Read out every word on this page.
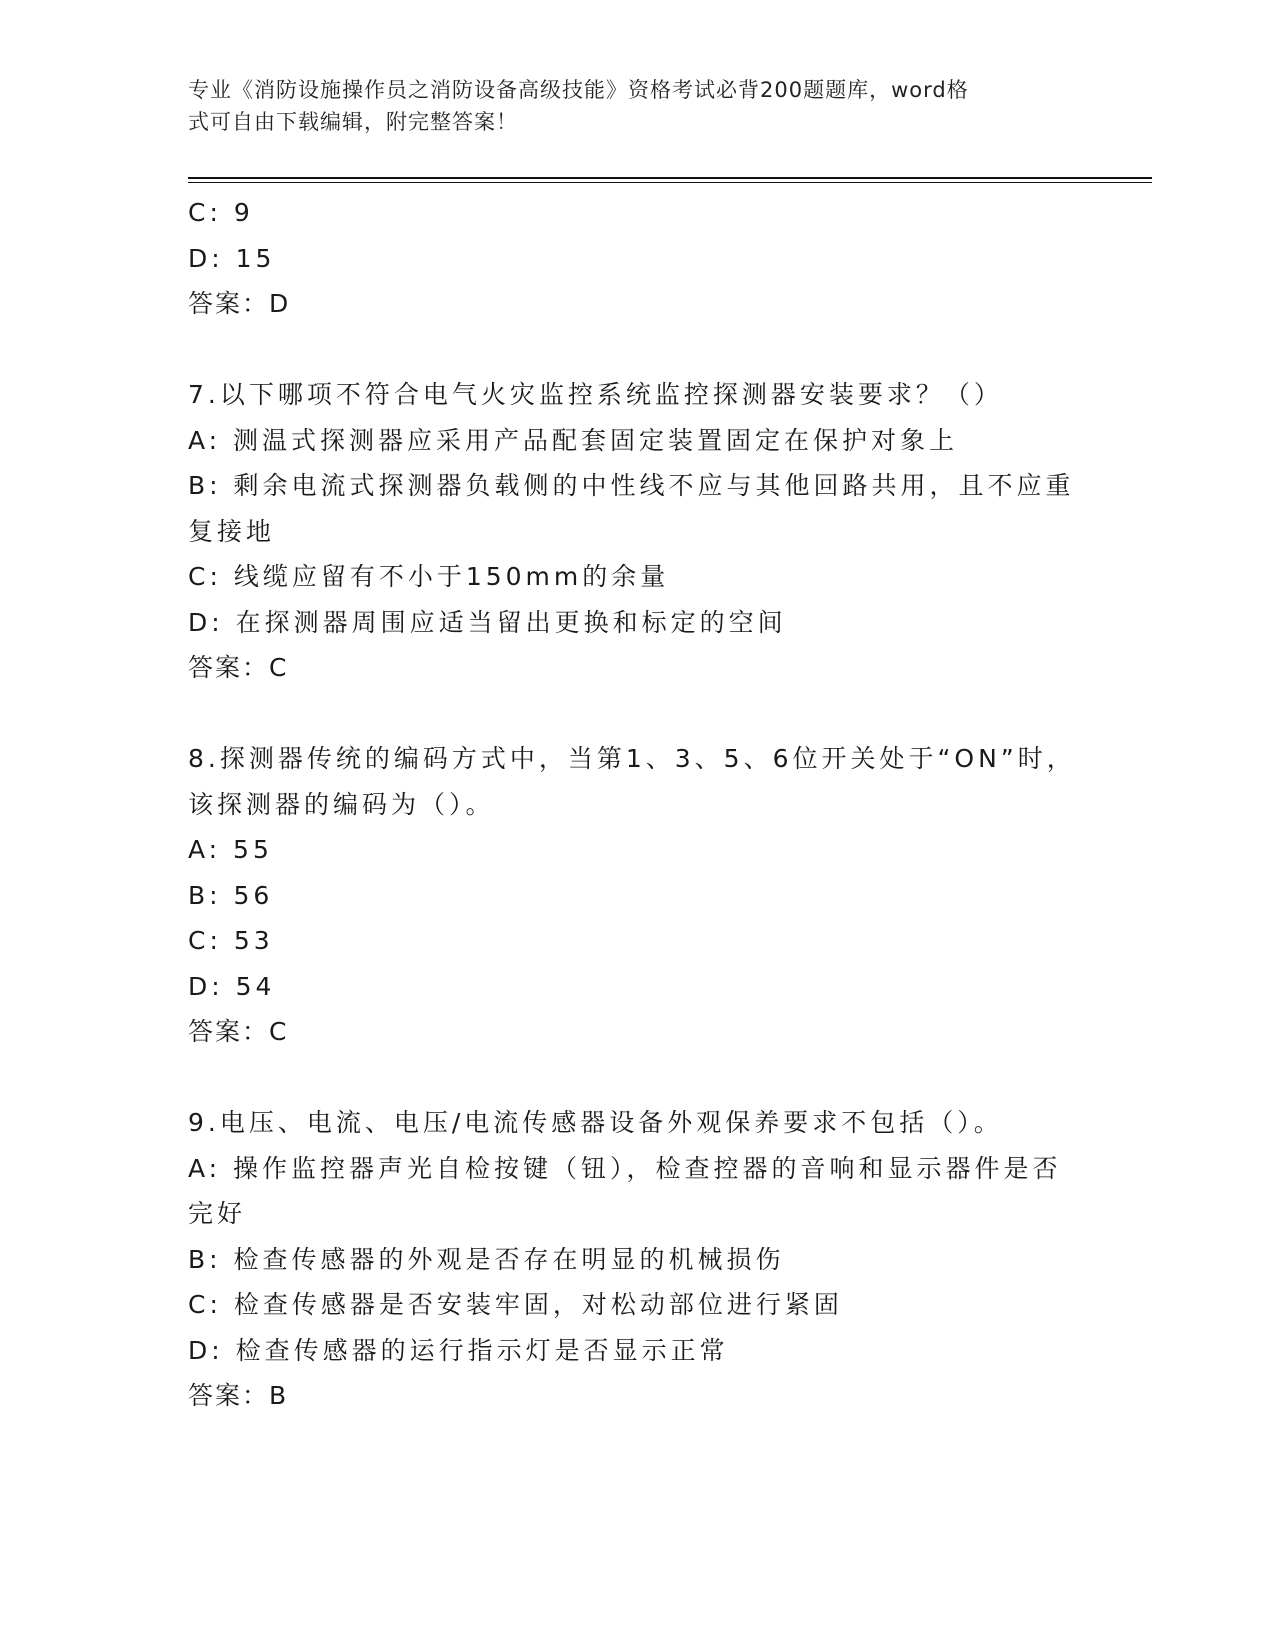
专业《消防设施操作员之消防设备高级技能》资格考试必背200题题库，word格
式可自由下载编辑，附完整答案！
C: 9
D: 15
答案：D
7.以下哪项不符合电气火灾监控系统监控探测器安装要求？（）
A: 测温式探测器应采用产品配套固定装置固定在保护对象上
B: 剩余电流式探测器负载侧的中性线不应与其他回路共用，且不应重
复接地
C: 线缆应留有不小于150mm的余量
D: 在探测器周围应适当留出更换和标定的空间
答案：C
8.探测器传统的编码方式中，当第1、3、5、6位开关处于“ON”时，
该探测器的编码为（）。
A: 55
B: 56
C: 53
D: 54
答案：C
9.电压、电流、电压/电流传感器设备外观保养要求不包括（）。
A: 操作监控器声光自检按键（钮），检查控器的音响和显示器件是否
完好
B: 检查传感器的外观是否存在明显的机械损伤
C: 检查传感器是否安装牢固，对松动部位进行紧固
D: 检查传感器的运行指示灯是否显示正常
答案：B
